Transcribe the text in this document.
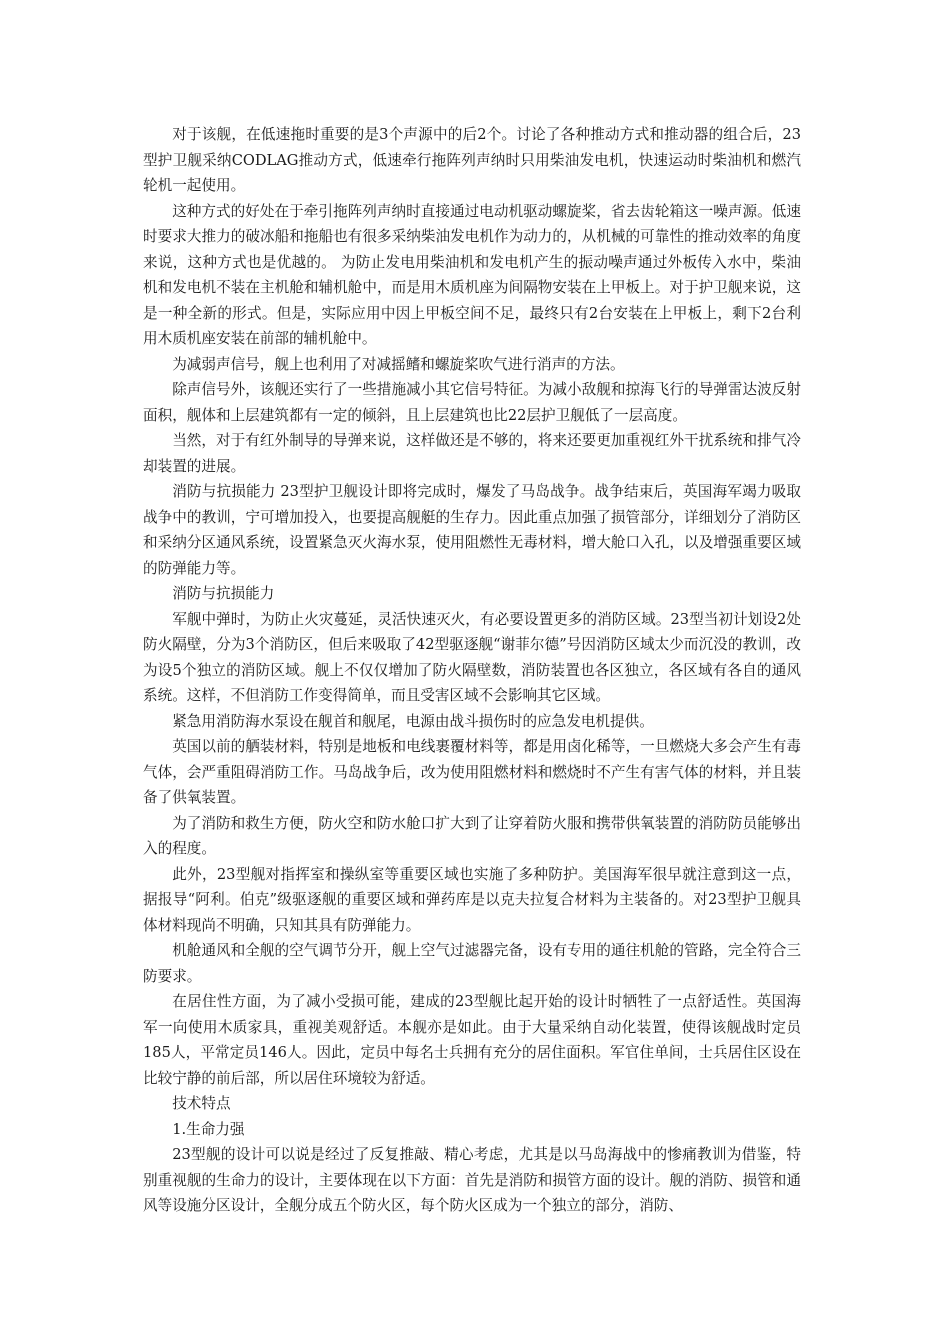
对于该舰，在低速拖时重要的是3个声源中的后2个。讨论了各种推动方式和推动器的组合后，23型护卫舰采纳CODLAG推动方式，低速牵行拖阵列声纳时只用柴油发电机，快速运动时柴油机和燃汽轮机一起使用。

这种方式的好处在于牵引拖阵列声纳时直接通过电动机驱动螺旋桨，省去齿轮箱这一噪声源。低速时要求大推力的破冰船和拖船也有很多采纳柴油发电机作为动力的，从机械的可靠性的推动效率的角度来说，这种方式也是优越的。 为防止发电用柴油机和发电机产生的振动噪声通过外板传入水中，柴油机和发电机不装在主机舱和辅机舱中，而是用木质机座为间隔物安装在上甲板上。对于护卫舰来说，这是一种全新的形式。但是，实际应用中因上甲板空间不足，最终只有2台安装在上甲板上，剩下2台利用木质机座安装在前部的辅机舱中。

为减弱声信号，舰上也利用了对减摇鳍和螺旋桨吹气进行消声的方法。

除声信号外，该舰还实行了一些措施减小其它信号特征。为减小敌舰和掠海飞行的导弹雷达波反射面积，舰体和上层建筑都有一定的倾斜，且上层建筑也比22层护卫舰低了一层高度。

当然，对于有红外制导的导弹来说，这样做还是不够的，将来还要更加重视红外干扰系统和排气冷却装置的进展。

消防与抗损能力 23型护卫舰设计即将完成时，爆发了马岛战争。战争结束后，英国海军竭力吸取战争中的教训，宁可增加投入，也要提高舰艇的生存力。因此重点加强了损管部分，详细划分了消防区和采纳分区通风系统，设置紧急灭火海水泵，使用阻燃性无毒材料，增大舱口入孔，以及增强重要区域的防弹能力等。

消防与抗损能力

军舰中弹时，为防止火灾蔓延，灵活快速灭火，有必要设置更多的消防区域。23型当初计划设2处防火隔壁，分为3个消防区，但后来吸取了42型驱逐舰“谢菲尔德”号因消防区域太少而沉没的教训，改为设5个独立的消防区域。舰上不仅仅增加了防火隔壁数，消防装置也各区独立，各区域有各自的通风系统。这样，不但消防工作变得简单，而且受害区域不会影响其它区域。

紧急用消防海水泵设在舰首和舰尾，电源由战斗损伤时的应急发电机提供。

英国以前的舾装材料，特别是地板和电线裹覆材料等，都是用卤化稀等，一旦燃烧大多会产生有毒气体，会严重阻碍消防工作。马岛战争后，改为使用阻燃材料和燃烧时不产生有害气体的材料，并且装备了供氧装置。

为了消防和救生方便，防火空和防水舱口扩大到了让穿着防火服和携带供氧装置的消防防员能够出入的程度。

此外，23型舰对指挥室和操纵室等重要区域也实施了多种防护。美国海军很早就注意到这一点，据报导“阿利。伯克”级驱逐舰的重要区域和弹药库是以克夫拉复合材料为主装备的。对23型护卫舰具体材料现尚不明确，只知其具有防弹能力。

机舱通风和全舰的空气调节分开，舰上空气过滤器完备，设有专用的通往机舱的管路，完全符合三防要求。

在居住性方面，为了减小受损可能，建成的23型舰比起开始的设计时牺牲了一点舒适性。英国海军一向使用木质家具，重视美观舒适。本舰亦是如此。由于大量采纳自动化装置，使得该舰战时定员185人，平常定员146人。因此，定员中每名士兵拥有充分的居住面积。军官住单间，士兵居住区设在比较宁静的前后部，所以居住环境较为舒适。

技术特点

1.生命力强

23型舰的设计可以说是经过了反复推敲、精心考虑，尤其是以马岛海战中的惨痛教训为借鉴，特别重视舰的生命力的设计，主要体现在以下方面：首先是消防和损管方面的设计。舰的消防、损管和通风等设施分区设计，全舰分成五个防火区，每个防火区成为一个独立的部分，消防、
